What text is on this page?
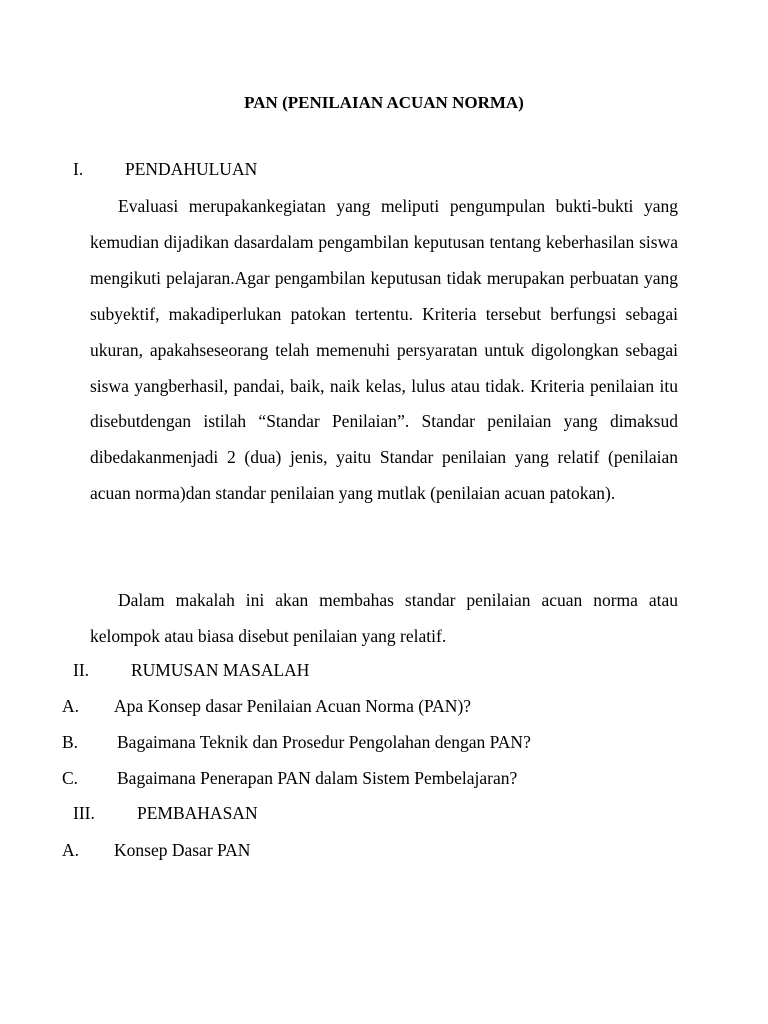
PAN (PENILAIAN ACUAN NORMA)
I. PENDAHULUAN
Evaluasi merupakankegiatan yang meliputi pengumpulan bukti-bukti yang kemudian dijadikan dasardalam pengambilan keputusan tentang keberhasilan siswa mengikuti pelajaran.Agar pengambilan keputusan tidak merupakan perbuatan yang subyektif, makadiperlukan patokan tertentu. Kriteria tersebut berfungsi sebagai ukuran, apakahseseorang telah memenuhi persyaratan untuk digolongkan sebagai siswa yangberhasil, pandai, baik, naik kelas, lulus atau tidak. Kriteria penilaian itu disebutdengan istilah “Standar Penilaian”. Standar penilaian yang dimaksud dibedakanmenjadi 2 (dua) jenis, yaitu Standar penilaian yang relatif (penilaian acuan norma)dan standar penilaian yang mutlak (penilaian acuan patokan).
Dalam makalah ini akan membahas standar penilaian acuan norma atau kelompok atau biasa disebut penilaian yang relatif.
II. RUMUSAN MASALAH
A. Apa Konsep dasar Penilaian Acuan Norma (PAN)?
B. Bagaimana Teknik dan Prosedur Pengolahan dengan PAN?
C. Bagaimana Penerapan PAN dalam Sistem Pembelajaran?
III. PEMBAHASAN
A. Konsep Dasar PAN
